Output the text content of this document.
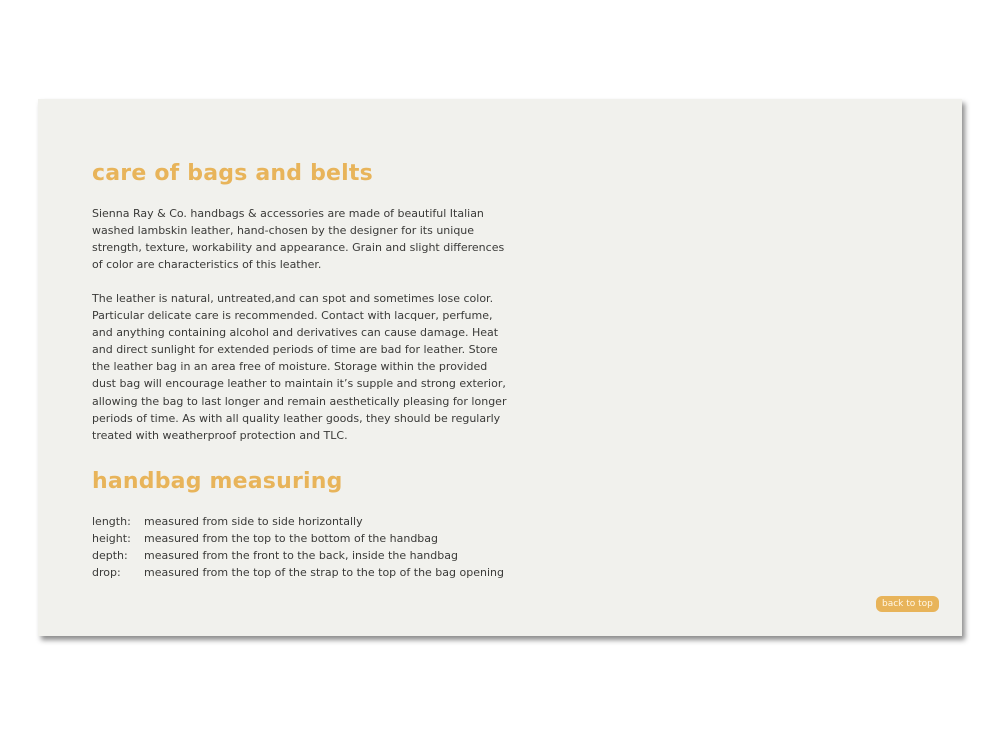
care of bags and belts

Sienna Ray & Co. handbags & accessories are made of beautiful Italian
washed lambskin leather, hand-chosen by the designer for its unique
strength, texture, workability and appearance. Grain and slight differences
of color are characteristics of this leather.

The leather is natural, untreated,and can spot and sometimes lose color.
Particular delicate care is recommended. Contact with lacquer, perfume,
and anything containing alcohol and derivatives can cause damage. Heat
and direct sunlight for extended periods of time are bad for leather. Store
the leather bag in an area free of moisture. Storage within the provided
dust bag will encourage leather to maintain it’s supple and strong exterior,
allowing the bag to last longer and remain aesthetically pleasing for longer
periods of time. As with all quality leather goods, they should be regularly
treated with weatherproof protection and TLC.

handbag measuring
length:	measured from side to side horizontally
height:	measured from the top to the bottom of the handbag
depth:	measured from the front to the back, inside the handbag
drop:	measured from the top of the strap to the top of the bag opening
back to top
